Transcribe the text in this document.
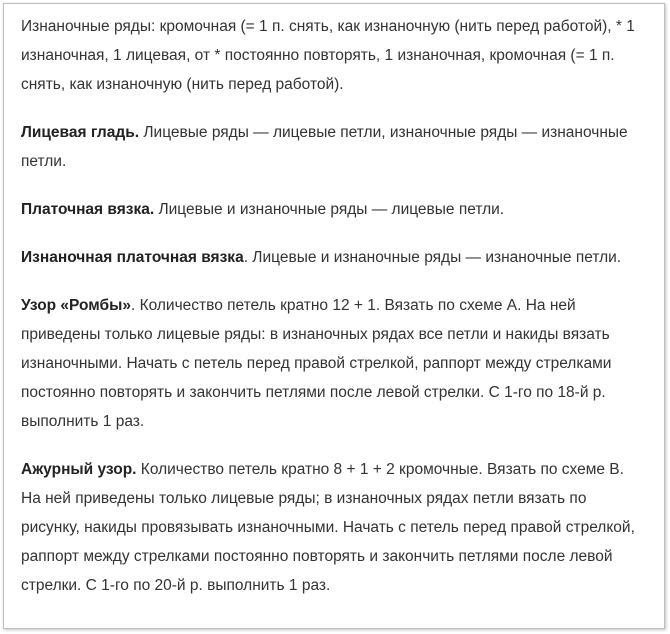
Изнаночные ряды: кромочная (= 1 п. снять, как изнаночную (нить перед работой), * 1 изнаночная, 1 лицевая, от * постоянно повторять, 1 изнаночная, кромочная (= 1 п. снять, как изнаночную (нить перед работой).

Лицевая гладь. Лицевые ряды — лицевые петли, изнаночные ряды — изнаночные петли.

Платочная вязка. Лицевые и изнаночные ряды — лицевые петли.

Изнаночная платочная вязка. Лицевые и изнаночные ряды — изнаночные петли.

Узор «Ромбы». Количество петель кратно 12 + 1. Вязать по схеме A. На ней приведены только лицевые ряды: в изнаночных рядах все петли и накиды вязать изнаночными. Начать с петель перед правой стрелкой, раппорт между стрелками постоянно повторять и закончить петлями после левой стрелки. С 1-го по 18-й р. выполнить 1 раз.

Ажурный узор. Количество петель кратно 8 + 1 + 2 кромочные. Вязать по схеме B. На ней приведены только лицевые ряды; в изнаночных рядах петли вязать по рисунку, накиды провязывать изнаночными. Начать с петель перед правой стрелкой, раппорт между стрелками постоянно повторять и закончить петлями после левой стрелки. С 1-го по 20-й р. выполнить 1 раз.
